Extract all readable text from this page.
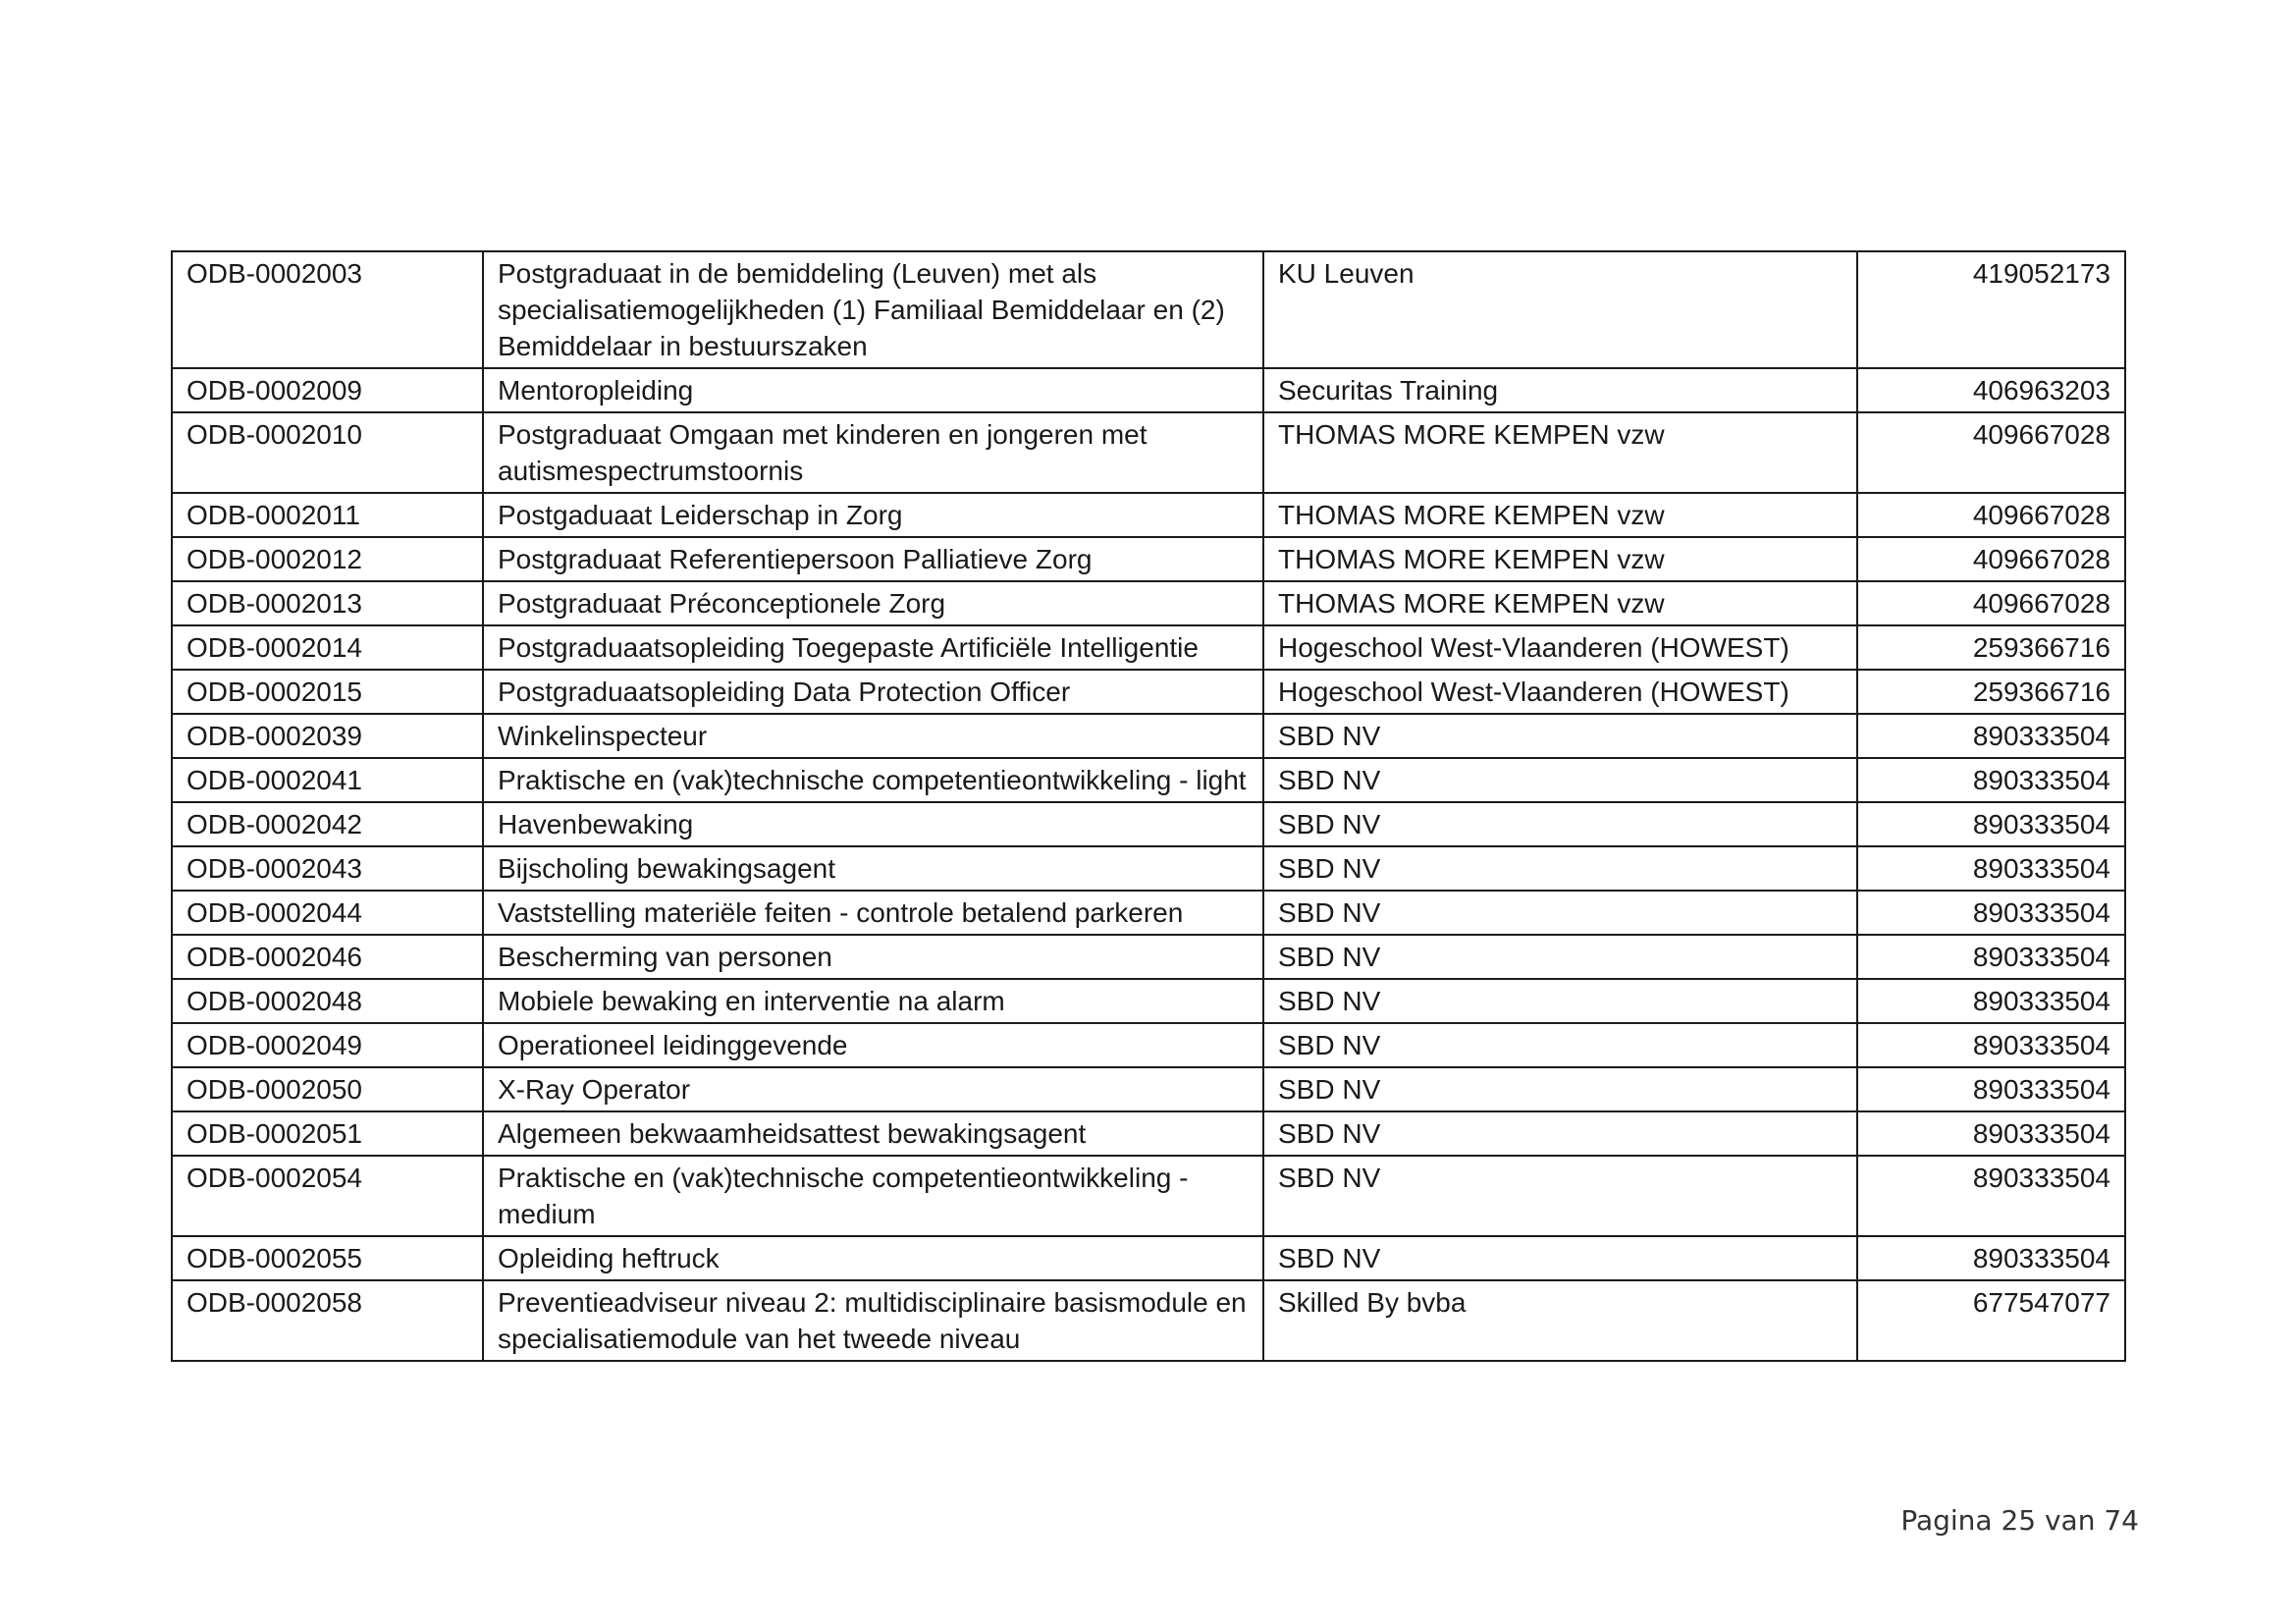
ODB-0002003	Postgraduaat in de bemiddeling (Leuven) met als specialisatiemogelijkheden (1) Familiaal Bemiddelaar en (2) Bemiddelaar in bestuurszaken	KU Leuven	419052173
ODB-0002009	Mentoropleiding	Securitas Training	406963203
ODB-0002010	Postgraduaat Omgaan met kinderen en jongeren met autismespectrumstoornis	THOMAS MORE KEMPEN vzw	409667028
ODB-0002011	Postgaduaat Leiderschap in Zorg	THOMAS MORE KEMPEN vzw	409667028
ODB-0002012	Postgraduaat Referentiepersoon Palliatieve Zorg	THOMAS MORE KEMPEN vzw	409667028
ODB-0002013	Postgraduaat Préconceptionele Zorg	THOMAS MORE KEMPEN vzw	409667028
ODB-0002014	Postgraduaatsopleiding Toegepaste Artificiële Intelligentie	Hogeschool West-Vlaanderen (HOWEST)	259366716
ODB-0002015	Postgraduaatsopleiding Data Protection Officer	Hogeschool West-Vlaanderen (HOWEST)	259366716
ODB-0002039	Winkelinspecteur	SBD NV	890333504
ODB-0002041	Praktische en (vak)technische competentieontwikkeling - light	SBD NV	890333504
ODB-0002042	Havenbewaking	SBD NV	890333504
ODB-0002043	Bijscholing bewakingsagent	SBD NV	890333504
ODB-0002044	Vaststelling materiële feiten - controle betalend parkeren	SBD NV	890333504
ODB-0002046	Bescherming van personen	SBD NV	890333504
ODB-0002048	Mobiele bewaking en interventie na alarm	SBD NV	890333504
ODB-0002049	Operationeel leidinggevende	SBD NV	890333504
ODB-0002050	X-Ray Operator	SBD NV	890333504
ODB-0002051	Algemeen bekwaamheidsattest bewakingsagent	SBD NV	890333504
ODB-0002054	Praktische en (vak)technische competentieontwikkeling - medium	SBD NV	890333504
ODB-0002055	Opleiding heftruck	SBD NV	890333504
ODB-0002058	Preventieadviseur niveau 2: multidisciplinaire basismodule en specialisatiemodule van het tweede niveau	Skilled By bvba	677547077
Pagina 25 van 74
